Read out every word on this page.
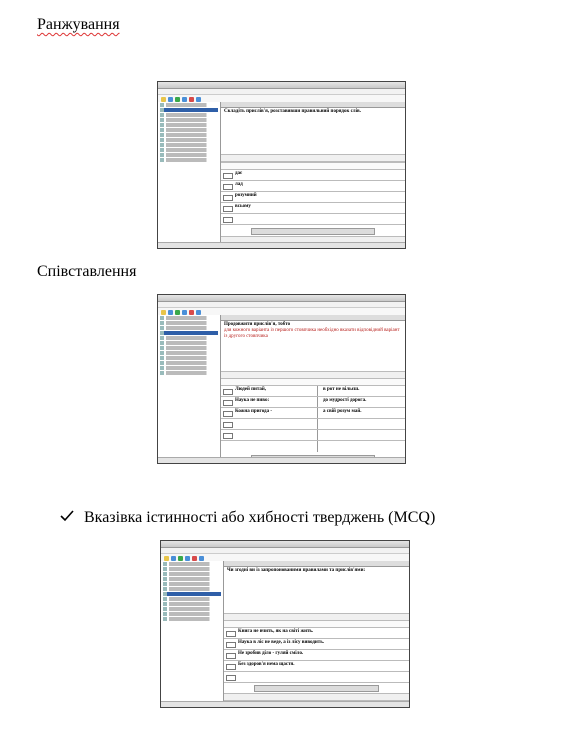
Ранжування
Складіть прислів'я, розставивши правильний порядок слів.
дає
лад
розумний
всьому
Співставлення
Продовжити прислів'я, тобто
для кожного варіанта із першого стовпчика необхідно вказати відповідний варіант із другого стовпчика
Людей питай,	в рот не вільєш.
Наука не пиво:	до мудрості дорога.
Кожна пригода -	а свій розум май.
Вказівка істинності або хибності тверджень (MCQ)
Чи згодні ви із запропонованими правилами та прислів'ями:
Книга не вчить, як на світі жить.
Наука в ліс не веде, а із лісу виводить.
Не зробив діло - гуляй сміло.
Без здоров'я нема щастя.
